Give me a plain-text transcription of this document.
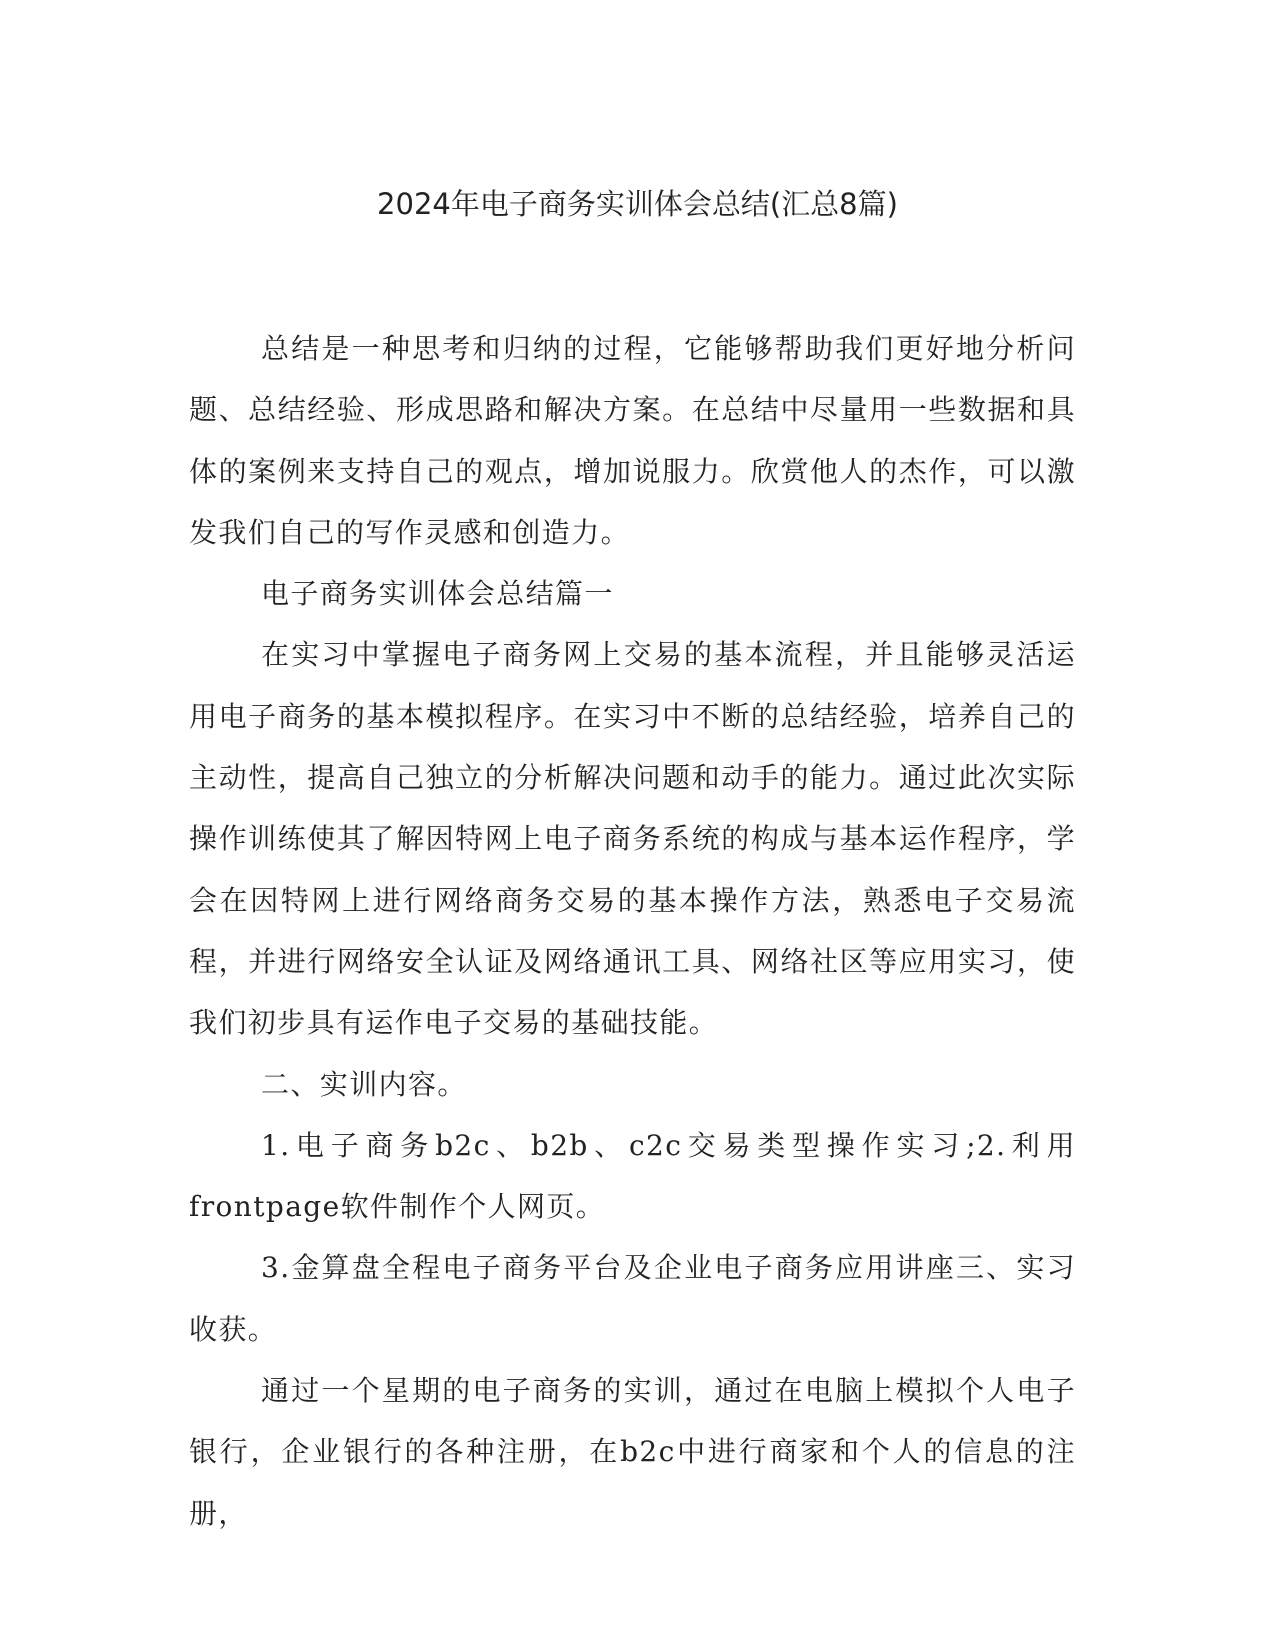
2024年电子商务实训体会总结(汇总8篇)

总结是一种思考和归纳的过程，它能够帮助我们更好地分析问题、总结经验、形成思路和解决方案。在总结中尽量用一些数据和具体的案例来支持自己的观点，增加说服力。欣赏他人的杰作，可以激发我们自己的写作灵感和创造力。

电子商务实训体会总结篇一

在实习中掌握电子商务网上交易的基本流程，并且能够灵活运用电子商务的基本模拟程序。在实习中不断的总结经验，培养自己的主动性，提高自己独立的分析解决问题和动手的能力。通过此次实际操作训练使其了解因特网上电子商务系统的构成与基本运作程序，学会在因特网上进行网络商务交易的基本操作方法，熟悉电子交易流程，并进行网络安全认证及网络通讯工具、网络社区等应用实习，使我们初步具有运作电子交易的基础技能。

二、实训内容。

1.电子商务b2c、b2b、c2c交易类型操作实习;2.利用frontpage软件制作个人网页。

3.金算盘全程电子商务平台及企业电子商务应用讲座三、实习收获。

通过一个星期的电子商务的实训，通过在电脑上模拟个人电子银行，企业银行的各种注册，在b2c中进行商家和个人的信息的注册，
